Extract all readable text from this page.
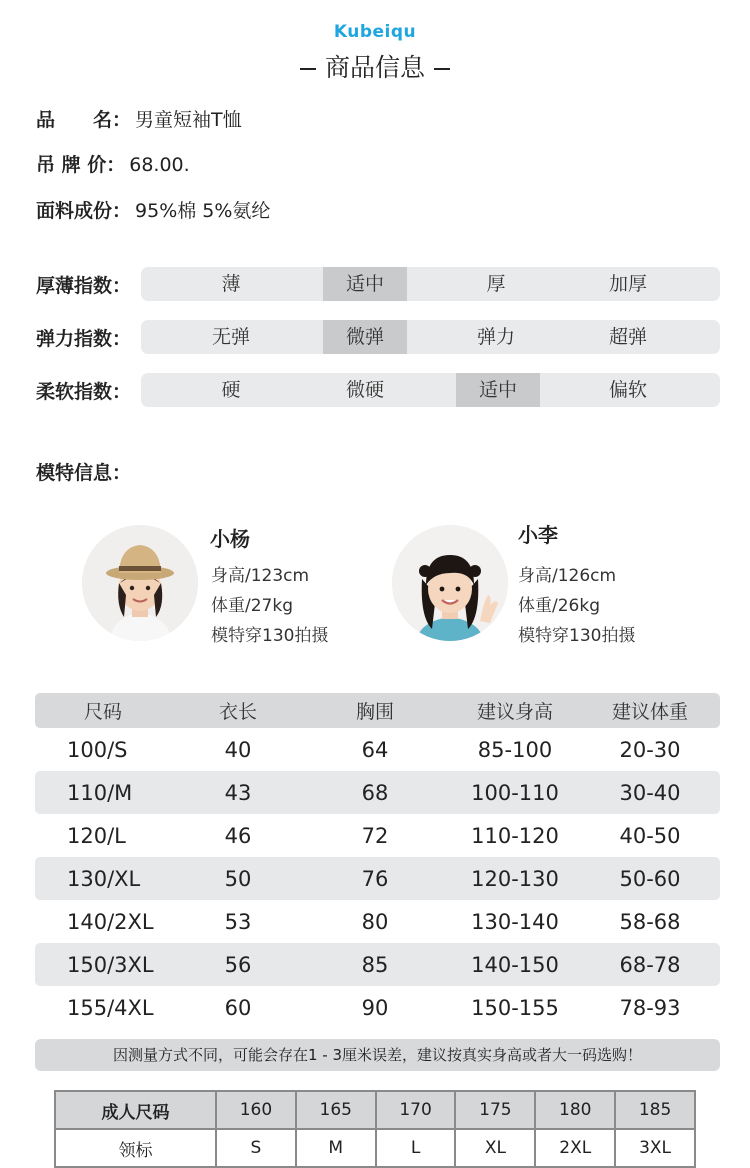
Kubeiqu
商品信息
品　　名： 男童短袖T恤
吊 牌 价： 68.00.
面料成份： 95%棉 5%氨纶
厚薄指数：	薄	适中	厚	加厚
弹力指数：	无弹	微弹	弹力	超弹
柔软指数：	硬	微硬	适中	偏软
模特信息：
小杨
身高/123cm
体重/27kg
模特穿130拍摄
小李
身高/126cm
体重/26kg
模特穿130拍摄
尺码	衣长	胸围	建议身高	建议体重
100/S	40	64	85-100	20-30
110/M	43	68	100-110	30-40
120/L	46	72	110-120	40-50
130/XL	50	76	120-130	50-60
140/2XL	53	80	130-140	58-68
150/3XL	56	85	140-150	68-78
155/4XL	60	90	150-155	78-93
因测量方式不同，可能会存在1 - 3厘米误差，建议按真实身高或者大一码选购！
成人尺码	160	165	170	175	180	185
领标	S	M	L	XL	2XL	3XL
